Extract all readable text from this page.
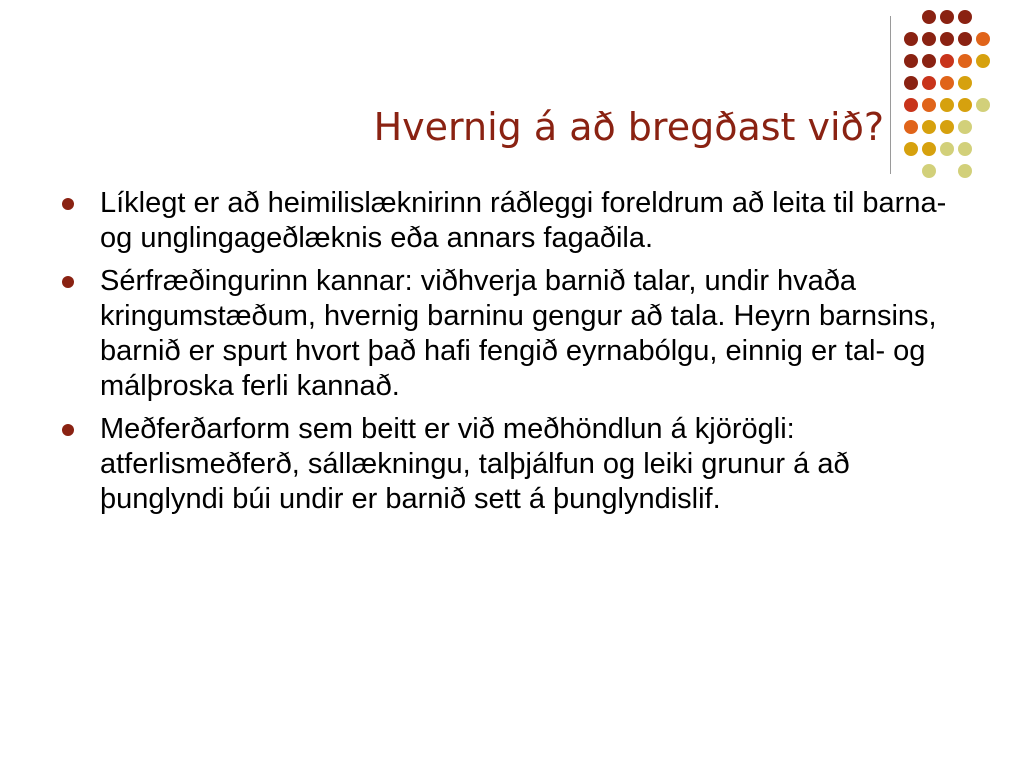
Hvernig á að bregðast við?
Líklegt er að heimilislæknirinn ráðleggi foreldrum að leita til barna- og unglingageðlæknis eða annars fagaðila.
Sérfræðingurinn kannar: viðhverja barnið talar, undir hvaða kringumstæðum, hvernig barninu gengur að tala. Heyrn barnsins, barnið er spurt hvort það hafi fengið eyrnabólgu, einnig er tal- og málþroska ferli kannað.
Meðferðarform sem beitt er við meðhöndlun á kjörögli: atferlismeðferð, sállækningu, talþjálfun og leiki grunur á að þunglyndi búi undir er barnið sett á þunglyndislif.
